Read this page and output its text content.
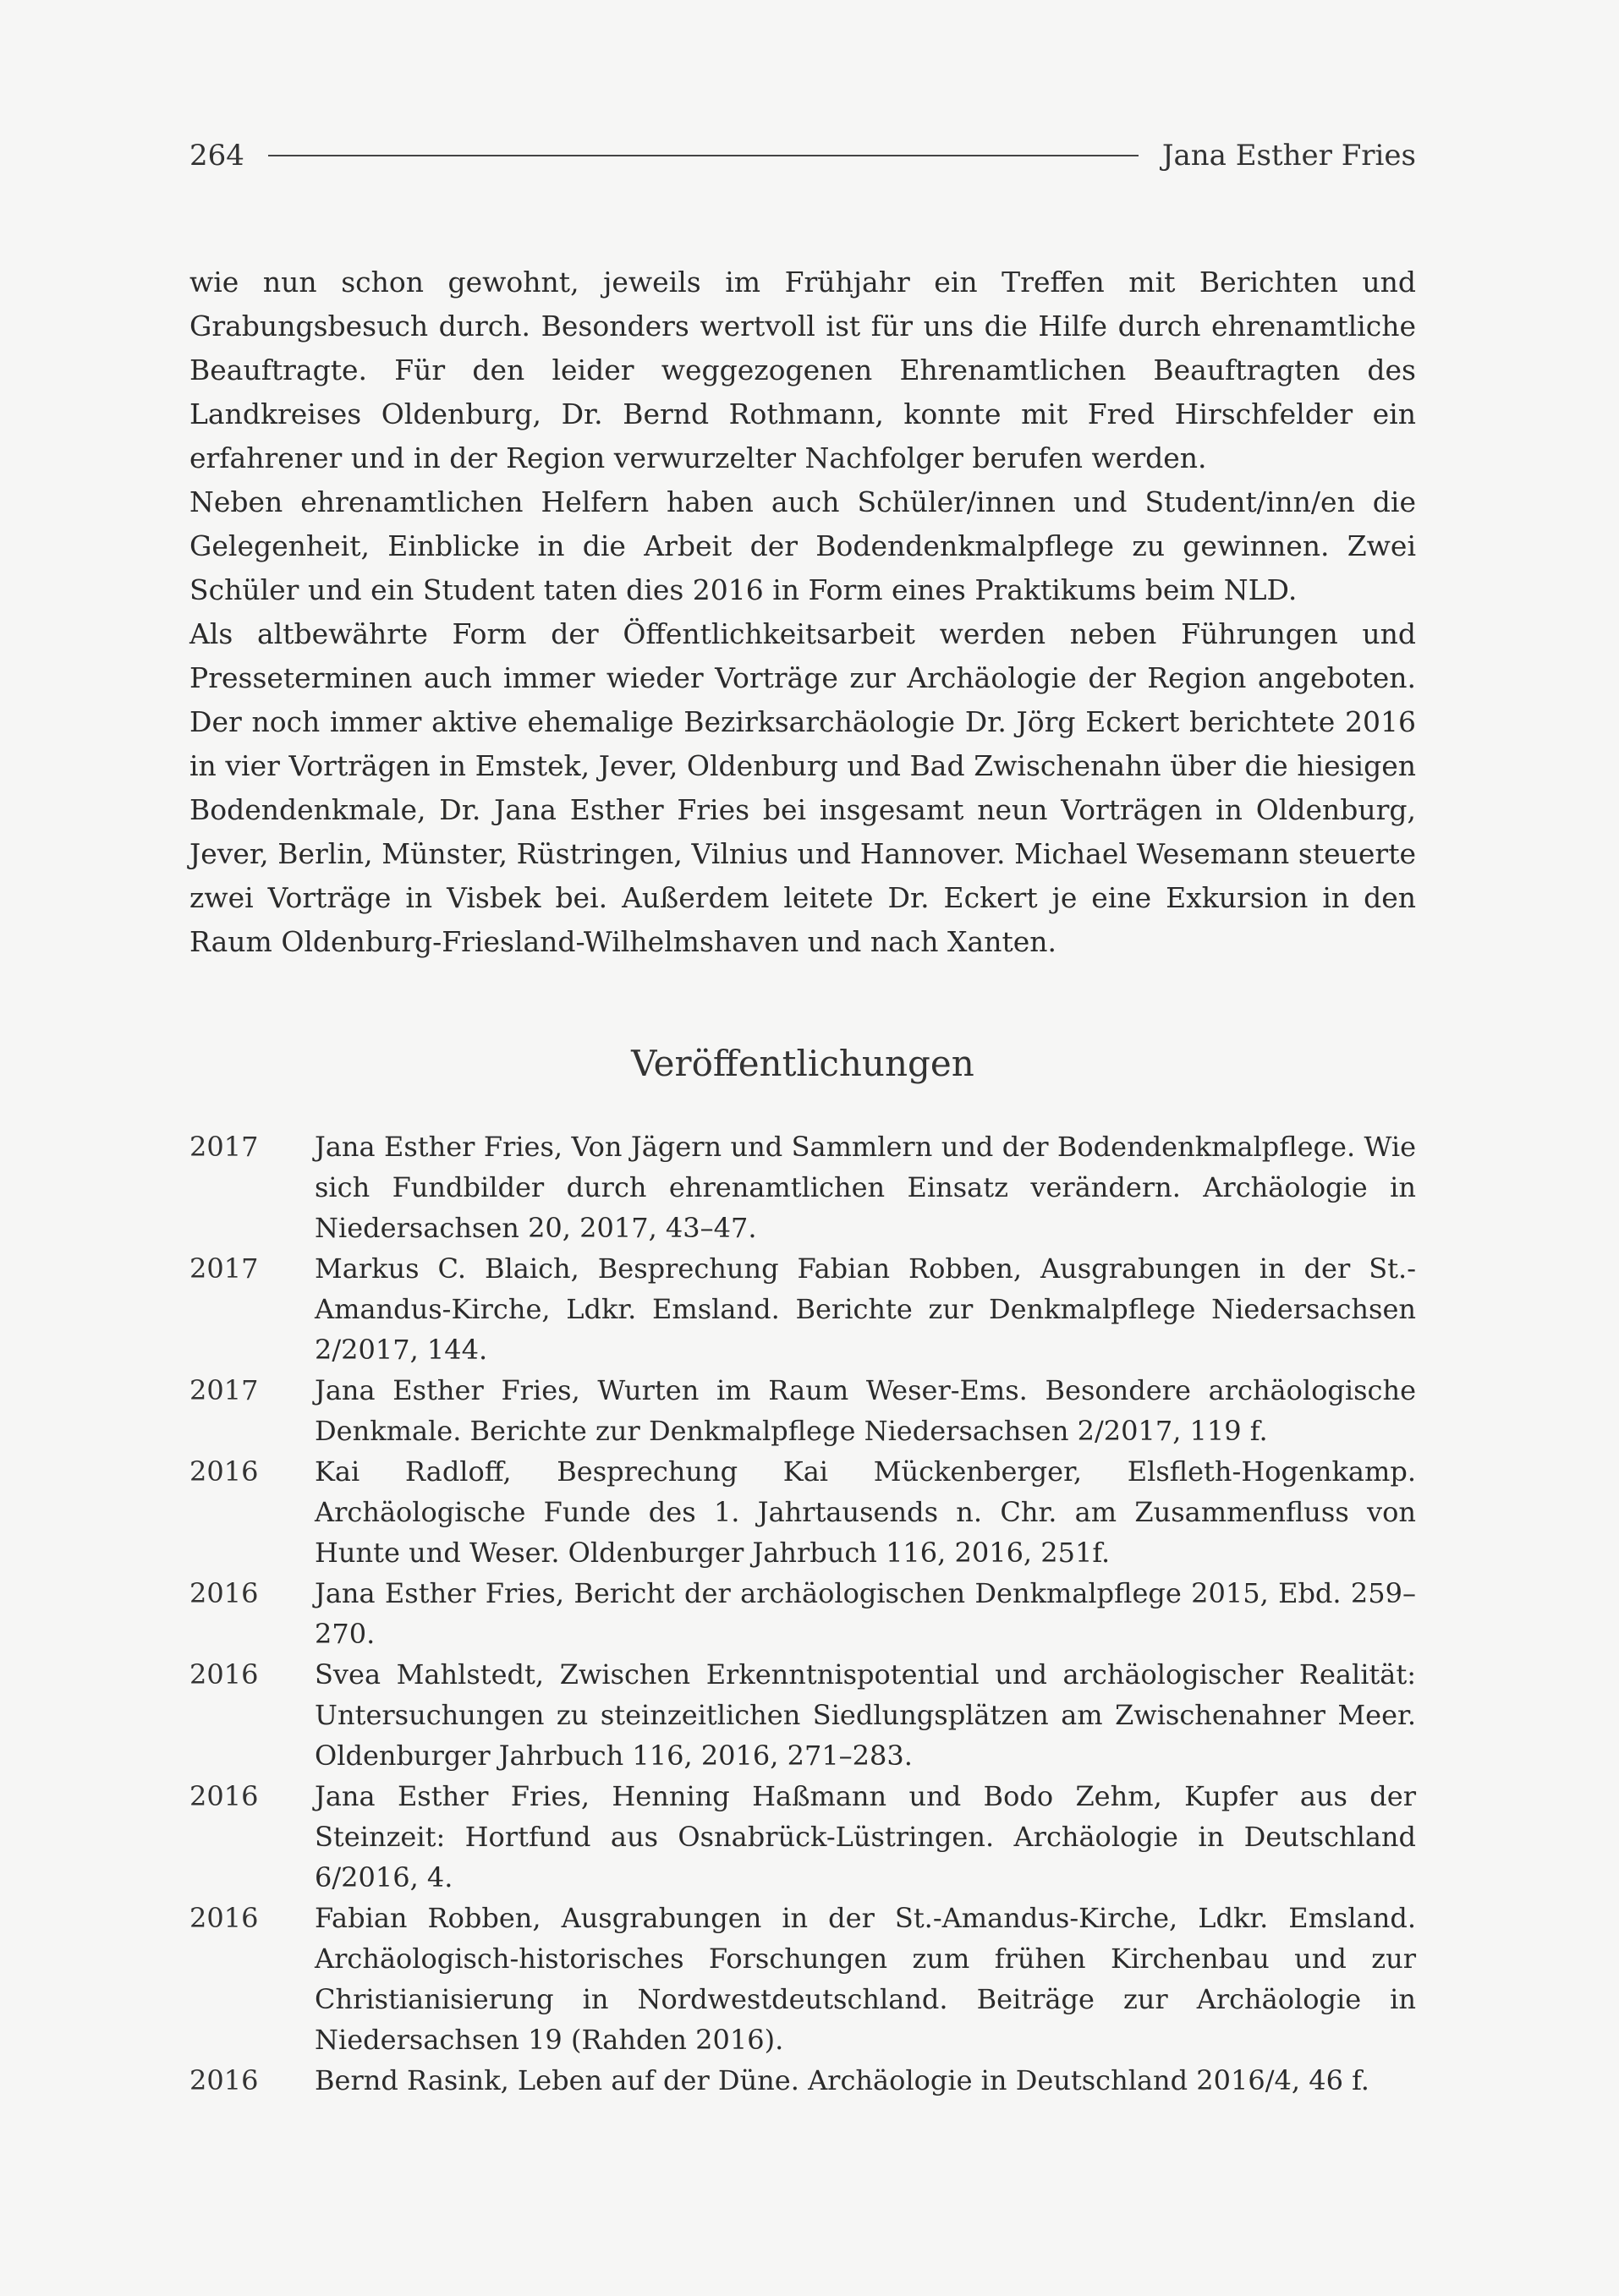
264	Jana Esther Fries

wie nun schon gewohnt, jeweils im Frühjahr ein Treffen mit Berichten und Grabungsbesuch durch. Besonders wertvoll ist für uns die Hilfe durch ehrenamtliche Beauftragte. Für den leider weggezogenen Ehrenamtlichen Beauftragten des Landkreises Oldenburg, Dr. Bernd Rothmann, konnte mit Fred Hirschfelder ein erfahrener und in der Region verwurzelter Nachfolger berufen werden.

Neben ehrenamtlichen Helfern haben auch Schüler/innen und Student/inn/en die Gelegenheit, Einblicke in die Arbeit der Bodendenkmalpflege zu gewinnen. Zwei Schüler und ein Student taten dies 2016 in Form eines Praktikums beim NLD.

Als altbewährte Form der Öffentlichkeitsarbeit werden neben Führungen und Presseterminen auch immer wieder Vorträge zur Archäologie der Region angeboten. Der noch immer aktive ehemalige Bezirksarchäologie Dr. Jörg Eckert berichtete 2016 in vier Vorträgen in Emstek, Jever, Oldenburg und Bad Zwischenahn über die hiesigen Bodendenkmale, Dr. Jana Esther Fries bei insgesamt neun Vorträgen in Oldenburg, Jever, Berlin, Münster, Rüstringen, Vilnius und Hannover. Michael Wesemann steuerte zwei Vorträge in Visbek bei. Außerdem leitete Dr. Eckert je eine Exkursion in den Raum Oldenburg-Friesland-Wilhelmshaven und nach Xanten.

Veröffentlichungen
2017	Jana Esther Fries, Von Jägern und Sammlern und der Bodendenkmalpflege. Wie sich Fundbilder durch ehrenamtlichen Einsatz verändern. Archäologie in Niedersachsen 20, 2017, 43–47.
2017	Markus C. Blaich, Besprechung Fabian Robben, Ausgrabungen in der St.-Amandus-Kirche, Ldkr. Emsland. Berichte zur Denkmalpflege Niedersachsen 2/2017, 144.
2017	Jana Esther Fries, Wurten im Raum Weser-Ems. Besondere archäologische Denkmale. Berichte zur Denkmalpflege Niedersachsen 2/2017, 119 f.
2016	Kai Radloff, Besprechung Kai Mückenberger, Elsfleth-Hogenkamp. Archäologische Funde des 1. Jahrtausends n. Chr. am Zusammenfluss von Hunte und Weser. Oldenburger Jahrbuch 116, 2016, 251f.
2016	Jana Esther Fries, Bericht der archäologischen Denkmalpflege 2015, Ebd. 259–270.
2016	Svea Mahlstedt, Zwischen Erkenntnispotential und archäologischer Realität: Untersuchungen zu steinzeitlichen Siedlungsplätzen am Zwischenahner Meer. Oldenburger Jahrbuch 116, 2016, 271–283.
2016	Jana Esther Fries, Henning Haßmann und Bodo Zehm, Kupfer aus der Steinzeit: Hortfund aus Osnabrück-Lüstringen. Archäologie in Deutschland 6/2016, 4.
2016	Fabian Robben, Ausgrabungen in der St.-Amandus-Kirche, Ldkr. Emsland. Archäologisch-historisches Forschungen zum frühen Kirchenbau und zur Christianisierung in Nordwestdeutschland. Beiträge zur Archäologie in Niedersachsen 19 (Rahden 2016).
2016	Bernd Rasink, Leben auf der Düne. Archäologie in Deutschland 2016/4, 46 f.
